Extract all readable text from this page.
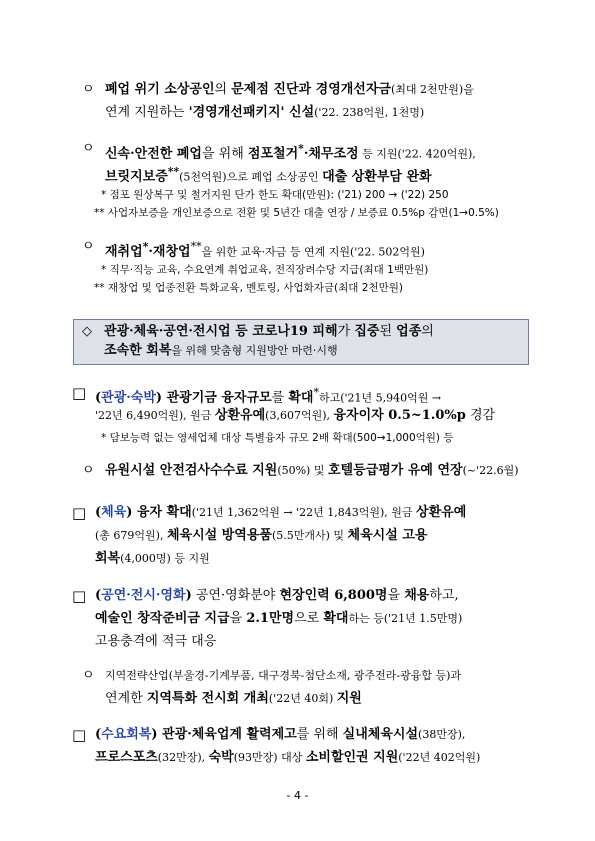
ㅇ 폐업 위기 소상공인의 문제점 진단과 경영개선자금(최대 2천만원)을
연계 지원하는 '경영개선패키지' 신설('22. 238억원, 1천명)
ㅇ 신속·안전한 폐업을 위해 점포철거*·채무조정 등 지원('22. 420억원),
브릿지보증**(5천억원)으로 폐업 소상공인 대출 상환부담 완화
* 점포 원상복구 및 철거지원 단가 한도 확대(만원): ('21) 200 → ('22) 250
** 사업자보증을 개인보증으로 전환 및 5년간 대출 연장 / 보증료 0.5%p 감면(1→0.5%)
ㅇ 재취업*·재창업**을 위한 교육·자금 등 연계 지원('22. 502억원)
* 직무·직능 교육, 수요연계 취업교육, 전직장려수당 지급(최대 1백만원)
** 재창업 및 업종전환 특화교육, 멘토링, 사업화자금(최대 2천만원)
◇ 관광·체육·공연·전시업 등 코로나19 피해가 집중된 업종의
조속한 회복을 위해 맞춤형 지원방안 마련·시행
□ (관광·숙박) 관광기금 융자규모를 확대*하고('21년 5,940억원 →
'22년 6,490억원), 원금 상환유예(3,607억원), 융자이자 0.5~1.0%p 경감
* 담보능력 없는 영세업체 대상 특별융자 규모 2배 확대(500→1,000억원) 등
ㅇ 유원시설 안전검사수수료 지원(50%) 및 호텔등급평가 유예 연장(~'22.6월)
□ (체육) 융자 확대('21년 1,362억원 → '22년 1,843억원), 원금 상환유예
(총 679억원), 체육시설 방역용품(5.5만개사) 및 체육시설 고용
회복(4,000명) 등 지원
□ (공연·전시·영화) 공연·영화분야 현장인력 6,800명을 채용하고,
예술인 창작준비금 지급을 2.1만명으로 확대하는 등('21년 1.5만명)
고용충격에 적극 대응
ㅇ 지역전략산업(부울경-기계부품, 대구경북-첨단소재, 광주전라-광융합 등)과
연계한 지역특화 전시회 개최('22년 40회) 지원
□ (수요회복) 관광·체육업계 활력제고를 위해 실내체육시설(38만장),
프로스포츠(32만장), 숙박(93만장) 대상 소비할인권 지원('22년 402억원)
- 4 -
